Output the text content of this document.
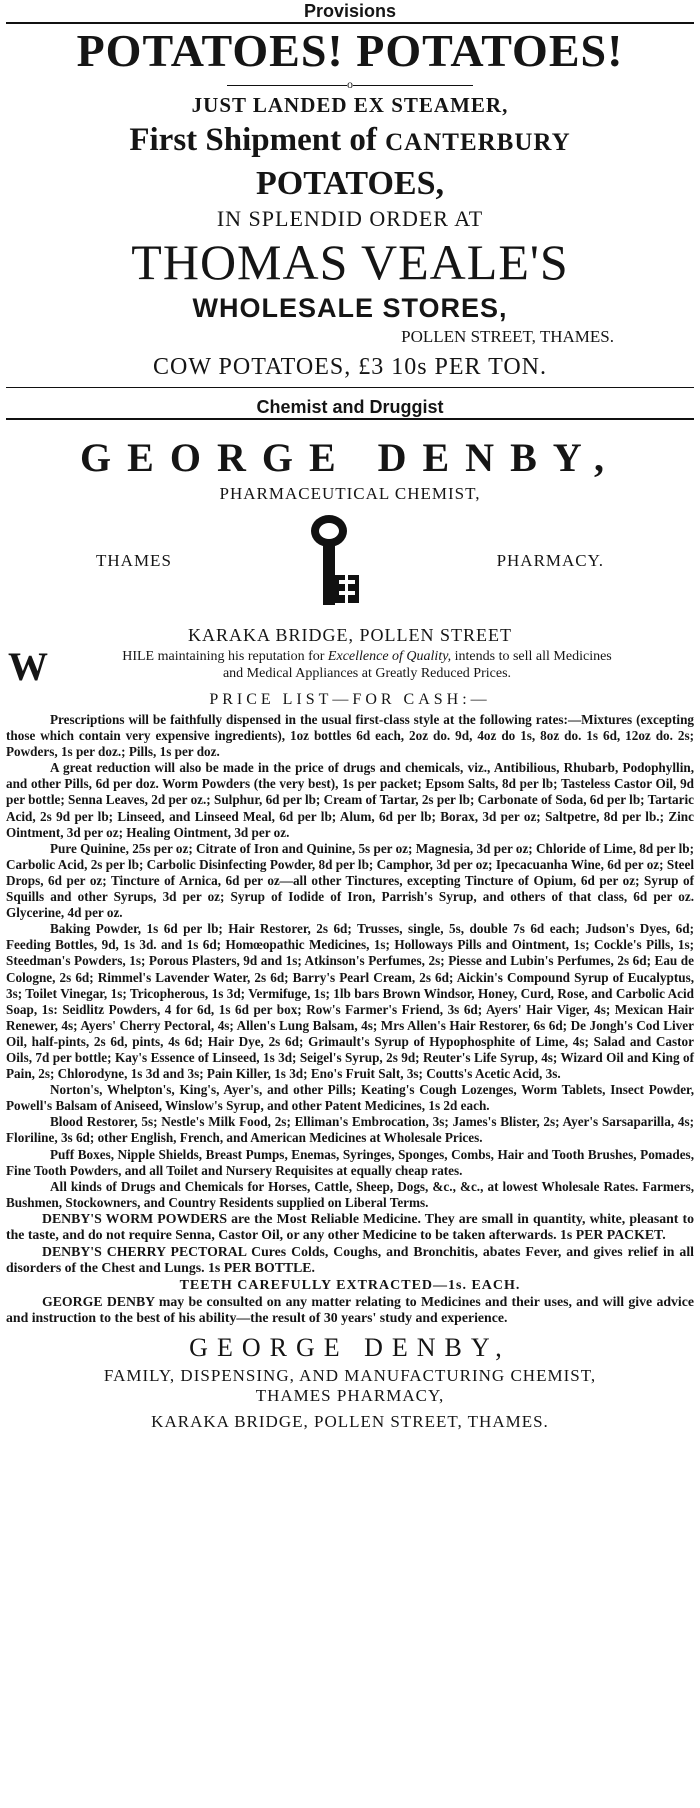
Provisions
POTATOES! POTATOES!
o
JUST LANDED EX STEAMER,
First Shipment of CANTERBURY
POTATOES,
IN SPLENDID ORDER AT
THOMAS VEALE'S
WHOLESALE STORES,
POLLEN STREET, THAMES.
COW POTATOES, £3 10s PER TON.
Chemist and Druggist
GEORGE DENBY,
PHARMACEUTICAL CHEMIST,
THAMES	PHARMACY.
KARAKA BRIDGE, POLLEN STREET
W	HILE maintaining his reputation for Excellence of Quality, intends to sell all Medicines
and Medical Appliances at Greatly Reduced Prices.
PRICE LIST—FOR CASH:—

Prescriptions will be faithfully dispensed in the usual first-class style at the following rates:—Mixtures (excepting those which contain very expensive ingredients), 1oz bottles 6d each, 2oz do. 9d, 4oz do 1s, 8oz do. 1s 6d, 12oz do. 2s; Powders, 1s per doz.; Pills, 1s per doz.

A great reduction will also be made in the price of drugs and chemicals, viz., Antibilious, Rhubarb, Podophyllin, and other Pills, 6d per doz. Worm Powders (the very best), 1s per packet; Epsom Salts, 8d per lb; Tasteless Castor Oil, 9d per bottle; Senna Leaves, 2d per oz.; Sulphur, 6d per lb; Cream of Tartar, 2s per lb; Carbonate of Soda, 6d per lb; Tartaric Acid, 2s 9d per lb; Linseed, and Linseed Meal, 6d per lb; Alum, 6d per lb; Borax, 3d per oz; Saltpetre, 8d per lb.; Zinc Ointment, 3d per oz; Healing Ointment, 3d per oz.

Pure Quinine, 25s per oz; Citrate of Iron and Quinine, 5s per oz; Magnesia, 3d per oz; Chloride of Lime, 8d per lb; Carbolic Acid, 2s per lb; Carbolic Disinfecting Powder, 8d per lb; Camphor, 3d per oz; Ipecacuanha Wine, 6d per oz; Steel Drops, 6d per oz; Tincture of Arnica, 6d per oz—all other Tinctures, excepting Tincture of Opium, 6d per oz; Syrup of Squills and other Syrups, 3d per oz; Syrup of Iodide of Iron, Parrish's Syrup, and others of that class, 6d per oz. Glycerine, 4d per oz.

Baking Powder, 1s 6d per lb; Hair Restorer, 2s 6d; Trusses, single, 5s, double 7s 6d each; Judson's Dyes, 6d; Feeding Bottles, 9d, 1s 3d. and 1s 6d; Homœopathic Medicines, 1s; Holloways Pills and Ointment, 1s; Cockle's Pills, 1s; Steedman's Powders, 1s; Porous Plasters, 9d and 1s; Atkinson's Perfumes, 2s; Piesse and Lubin's Perfumes, 2s 6d; Eau de Cologne, 2s 6d; Rimmel's Lavender Water, 2s 6d; Barry's Pearl Cream, 2s 6d; Aickin's Compound Syrup of Eucalyptus, 3s; Toilet Vinegar, 1s; Tricopherous, 1s 3d; Vermifuge, 1s; 1lb bars Brown Windsor, Honey, Curd, Rose, and Carbolic Acid Soap, 1s: Seidlitz Powders, 4 for 6d, 1s 6d per box; Row's Farmer's Friend, 3s 6d; Ayers' Hair Viger, 4s; Mexican Hair Renewer, 4s; Ayers' Cherry Pectoral, 4s; Allen's Lung Balsam, 4s; Mrs Allen's Hair Restorer, 6s 6d; De Jongh's Cod Liver Oil, half-pints, 2s 6d, pints, 4s 6d; Hair Dye, 2s 6d; Grimault's Syrup of Hypophosphite of Lime, 4s; Salad and Castor Oils, 7d per bottle; Kay's Essence of Linseed, 1s 3d; Seigel's Syrup, 2s 9d; Reuter's Life Syrup, 4s; Wizard Oil and King of Pain, 2s; Chlorodyne, 1s 3d and 3s; Pain Killer, 1s 3d; Eno's Fruit Salt, 3s; Coutts's Acetic Acid, 3s.

Norton's, Whelpton's, King's, Ayer's, and other Pills; Keating's Cough Lozenges, Worm Tablets, Insect Powder, Powell's Balsam of Aniseed, Winslow's Syrup, and other Patent Medicines, 1s 2d each.

Blood Restorer, 5s; Nestle's Milk Food, 2s; Elliman's Embrocation, 3s; James's Blister, 2s; Ayer's Sarsaparilla, 4s; Floriline, 3s 6d; other English, French, and American Medicines at Wholesale Prices.

Puff Boxes, Nipple Shields, Breast Pumps, Enemas, Syringes, Sponges, Combs, Hair and Tooth Brushes, Pomades, Fine Tooth Powders, and all Toilet and Nursery Requisites at equally cheap rates.

All kinds of Drugs and Chemicals for Horses, Cattle, Sheep, Dogs, &c., &c., at lowest Wholesale Rates. Farmers, Bushmen, Stockowners, and Country Residents supplied on Liberal Terms.

DENBY'S WORM POWDERS are the Most Reliable Medicine. They are small in quantity, white, pleasant to the taste, and do not require Senna, Castor Oil, or any other Medicine to be taken afterwards. 1s PER PACKET.

DENBY'S CHERRY PECTORAL Cures Colds, Coughs, and Bronchitis, abates Fever, and gives relief in all disorders of the Chest and Lungs. 1s PER BOTTLE.

TEETH CAREFULLY EXTRACTED—1s. EACH.

GEORGE DENBY may be consulted on any matter relating to Medicines and their uses, and will give advice and instruction to the best of his ability—the result of 30 years' study and experience.

GEORGE DENBY,
FAMILY, DISPENSING, AND MANUFACTURING CHEMIST,
THAMES PHARMACY,
KARAKA BRIDGE, POLLEN STREET, THAMES.
